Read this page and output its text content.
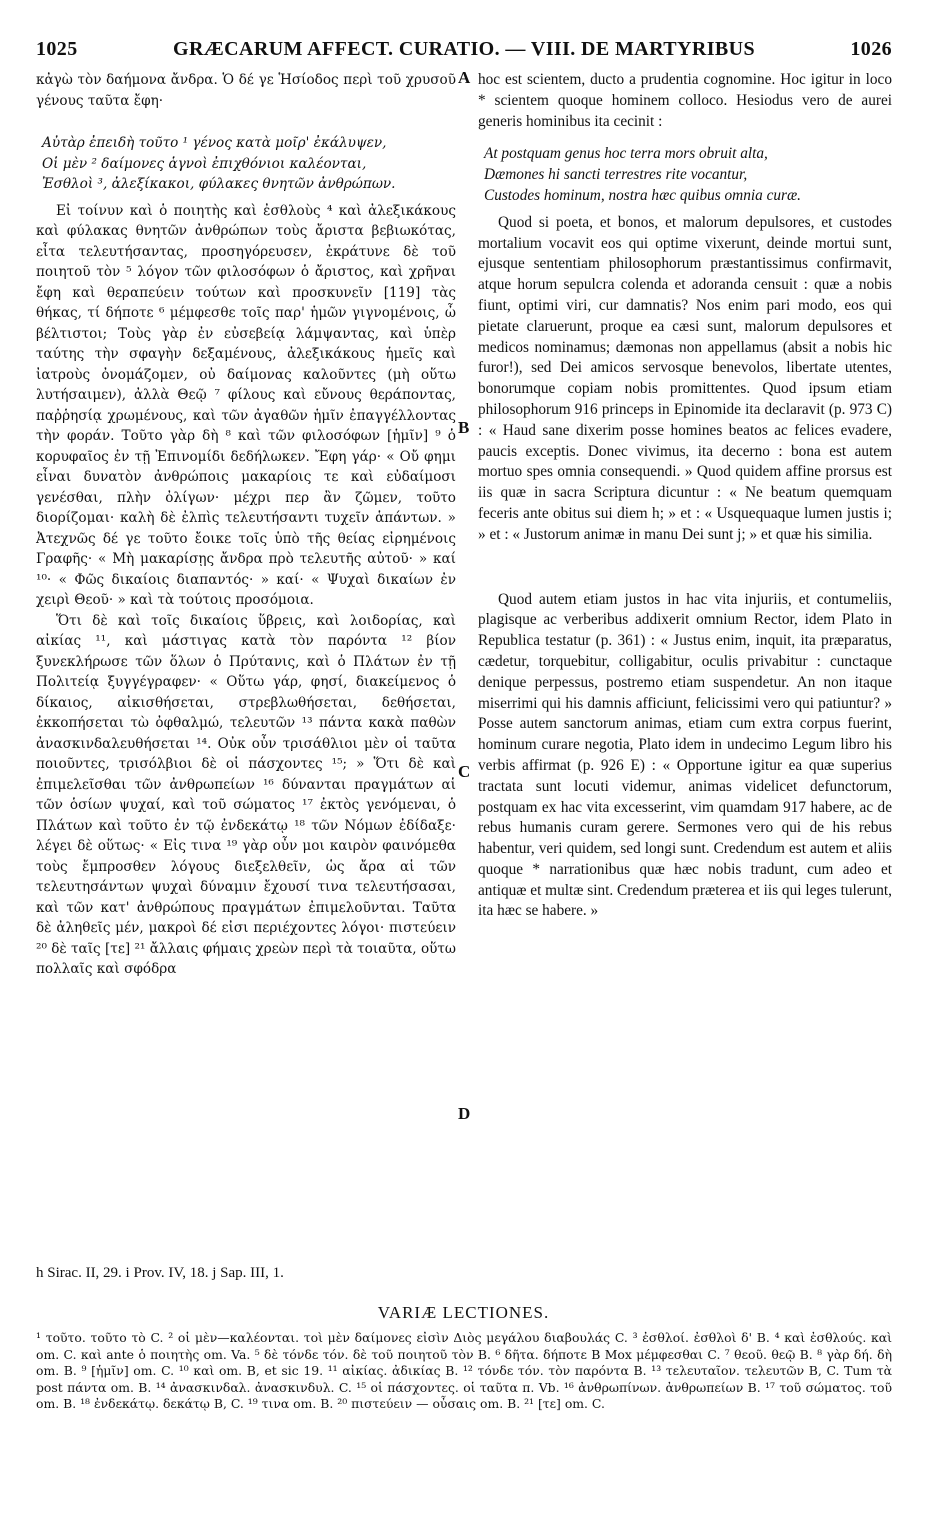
1025	GRÆCARUM AFFECT. CURATIO. — VIII. DE MARTYRIBUS	1026

κἀγὼ τὸν δαήμονα ἄνδρα. Ὁ δέ γε Ἡσίοδος περὶ τοῦ χρυσοῦ γένους ταῦτα ἔφη·

Αὐτὰρ ἐπειδὴ τοῦτο ¹ γένος κατὰ μοῖρ' ἐκάλυψεν,
Οἱ μὲν ² δαίμονες ἁγνοὶ ἐπιχθόνιοι καλέονται,
Ἐσθλοὶ ³, ἀλεξίκακοι, φύλακες θνητῶν ἀνθρώπων.

Εἰ τοίνυν καὶ ὁ ποιητὴς καὶ ἐσθλοὺς ⁴ καὶ ἀλεξικάκους καὶ φύλακας θνητῶν ἀνθρώπων τοὺς ἄριστα βεβιωκότας, εἶτα τελευτήσαντας, προσηγόρευσεν, ἐκράτυνε δὲ τοῦ ποιητοῦ τὸν ⁵ λόγον τῶν φιλοσόφων ὁ ἄριστος, καὶ χρῆναι ἔφη καὶ θεραπεύειν τούτων καὶ προσκυνεῖν [119] τὰς θήκας, τί δήποτε ⁶ μέμφεσθε τοῖς παρ' ἡμῶν γιγνομένοις, ὦ βέλτιστοι; Τοὺς γὰρ ἐν εὐσεβείᾳ λάμψαντας, καὶ ὑπὲρ ταύτης τὴν σφαγὴν δεξαμένους, ἀλεξικάκους ἡμεῖς καὶ ἰατροὺς ὀνομάζομεν, οὐ δαίμονας καλοῦντες (μὴ οὕτω λυτήσαιμεν), ἀλλὰ Θεῷ ⁷ φίλους καὶ εὔνους θεράποντας, παῤῥησίᾳ χρωμένους, καὶ τῶν ἀγαθῶν ἡμῖν ἐπαγγέλλοντας τὴν φοράν. Τοῦτο γὰρ δὴ ⁸ καὶ τῶν φιλοσόφων [ἡμῖν] ⁹ ὁ κορυφαῖος ἐν τῇ Ἐπινομίδι δεδήλωκεν. Ἔφη γάρ· « Οὔ φημι εἶναι δυνατὸν ἀνθρώποις μακαρίοις τε καὶ εὐδαίμοσι γενέσθαι, πλὴν ὀλίγων· μέχρι περ ἂν ζῶμεν, τοῦτο διορίζομαι· καλὴ δὲ ἐλπὶς τελευτήσαντι τυχεῖν ἁπάντων. » Ἀτεχνῶς δέ γε τοῦτο ἔοικε τοῖς ὑπὸ τῆς θείας εἰρημένοις Γραφῆς· « Μὴ μακαρίσῃς ἄνδρα πρὸ τελευτῆς αὐτοῦ· » καί ¹⁰· « Φῶς δικαίοις διαπαντός· » καί· « Ψυχαὶ δικαίων ἐν χειρὶ Θεοῦ· » καὶ τὰ τούτοις προσόμοια.

Ὅτι δὲ καὶ τοῖς δικαίοις ὕβρεις, καὶ λοιδορίας, καὶ αἰκίας ¹¹, καὶ μάστιγας κατὰ τὸν παρόντα ¹² βίον ξυνεκλήρωσε τῶν ὅλων ὁ Πρύτανις, καὶ ὁ Πλάτων ἐν τῇ Πολιτείᾳ ξυγγέγραφεν· « Οὕτω γάρ, φησί, διακείμενος ὁ δίκαιος, αἰκισθήσεται, στρεβλωθήσεται, δεθήσεται, ἐκκοπήσεται τὼ ὀφθαλμώ, τελευτῶν ¹³ πάντα κακὰ παθὼν ἀνασκινδαλευθήσεται ¹⁴. Οὐκ οὖν τρισάθλιοι μὲν οἱ ταῦτα ποιοῦντες, τρισόλβιοι δὲ οἱ πάσχοντες ¹⁵; » Ὅτι δὲ καὶ ἐπιμελεῖσθαι τῶν ἀνθρωπείων ¹⁶ δύνανται πραγμάτων αἱ τῶν ὁσίων ψυχαί, καὶ τοῦ σώματος ¹⁷ ἐκτὸς γενόμεναι, ὁ Πλάτων καὶ τοῦτο ἐν τῷ ἐνδεκάτῳ ¹⁸ τῶν Νόμων ἐδίδαξε· λέγει δὲ οὕτως· « Εἰς τινα ¹⁹ γὰρ οὖν μοι καιρὸν φαινόμεθα τοὺς ἔμπροσθεν λόγους διεξελθεῖν, ὡς ἄρα αἱ τῶν τελευτησάντων ψυχαὶ δύναμιν ἔχουσί τινα τελευτήσασαι, καὶ τῶν κατ' ἀνθρώπους πραγμάτων ἐπιμελοῦνται. Ταῦτα δὲ ἀληθεῖς μέν, μακροὶ δέ εἰσι περιέχοντες λόγοι· πιστεύειν ²⁰ δὲ ταῖς [τε] ²¹ ἄλλαις φήμαις χρεὼν περὶ τὰ τοιαῦτα, οὕτω πολλαῖς καὶ σφόδρα

hoc est scientem, ducto a prudentia cognomine. Hoc igitur in loco * scientem quoque hominem colloco. Hesiodus vero de aurei generis hominibus ita cecinit :

At postquam genus hoc terra mors obruit alta,
Dæmones hi sancti terrestres rite vocantur,
Custodes hominum, nostra hæc quibus omnia curæ.

Quod si poeta, et bonos, et malorum depulsores, et custodes mortalium vocavit eos qui optime vixerunt, deinde mortui sunt, ejusque sententiam philosophorum præstantissimus confirmavit, atque horum sepulcra colenda et adoranda censuit : quæ a nobis fiunt, optimi viri, cur damnatis? Nos enim pari modo, eos qui pietate claruerunt, proque ea cæsi sunt, malorum depulsores et medicos nominamus; dæmonas non appellamus (absit a nobis hic furor!), sed Dei amicos servosque benevolos, libertate utentes, bonorumque copiam nobis promittentes. Quod ipsum etiam philosophorum 916 princeps in Epinomide ita declaravit (p. 973 C) : « Haud sane dixerim posse homines beatos ac felices evadere, paucis exceptis. Donec vivimus, ita decerno : bona est autem mortuo spes omnia consequendi. » Quod quidem affine prorsus est iis quæ in sacra Scriptura dicuntur : « Ne beatum quemquam feceris ante obitus sui diem h; » et : « Usquequaque lumen justis i; » et : « Justorum animæ in manu Dei sunt j; » et quæ his similia.

Quod autem etiam justos in hac vita injuriis, et contumeliis, plagisque ac verberibus addixerit omnium Rector, idem Plato in Republica testatur (p. 361) : « Justus enim, inquit, ita præparatus, cædetur, torquebitur, colligabitur, oculis privabitur : cunctaque denique perpessus, postremo etiam suspendetur. An non itaque miserrimi qui his damnis afficiunt, felicissimi vero qui patiuntur? » Posse autem sanctorum animas, etiam cum extra corpus fuerint, hominum curare negotia, Plato idem in undecimo Legum libro his verbis affirmat (p. 926 E) : « Opportune igitur ea quæ superius tractata sunt locuti videmur, animas videlicet defunctorum, postquam ex hac vita excesserint, vim quamdam 917 habere, ac de rebus humanis curam gerere. Sermones vero qui de his rebus habentur, veri quidem, sed longi sunt. Credendum est autem et aliis quoque * narrationibus quæ hæc nobis tradunt, cum adeo et antiquæ et multæ sint. Credendum præterea et iis qui leges tulerunt, ita hæc se habere. »

A
B
C
D
h Sirac. II, 29. i Prov. IV, 18. j Sap. III, 1.
VARIÆ LECTIONES.
¹ τοῦτο. τοῦτο τὸ C. ² οἱ μὲν—καλέονται. τοὶ μὲν δαίμονες εἰσὶν Διὸς μεγάλου διαβουλάς C. ³ ἐσθλοί. ἐσθλοὶ δ' B. ⁴ καὶ ἐσθλούς. καὶ om. C. καὶ ante ὁ ποιητὴς om. Va. ⁵ δὲ τόνδε τόν. δὲ τοῦ ποιητοῦ τὸν B. ⁶ δῆτα. δήποτε B Mox μέμφεσθαι C. ⁷ θεοῦ. θεῷ B. ⁸ γὰρ δή. δὴ om. B. ⁹ [ἡμῖν] om. C. ¹⁰ καὶ om. B, et sic 19. ¹¹ αἰκίας. ἀδικίας B. ¹² τόνδε τόν. τὸν παρόντα B. ¹³ τελευταῖον. τελευτῶν B, C. Tum τὰ post πάντα om. B. ¹⁴ ἀνασκινδαλ. ἀνασκινδυλ. C. ¹⁵ οἱ πάσχοντες. οἱ ταῦτα π. Vb. ¹⁶ ἀνθρωπίνων. ἀνθρωπείων B. ¹⁷ τοῦ σώματος. τοῦ om. B. ¹⁸ ἐνδεκάτῳ. δεκάτῳ B, C. ¹⁹ τινα om. B. ²⁰ πιστεύειν — οὖσαις om. B. ²¹ [τε] om. C.
